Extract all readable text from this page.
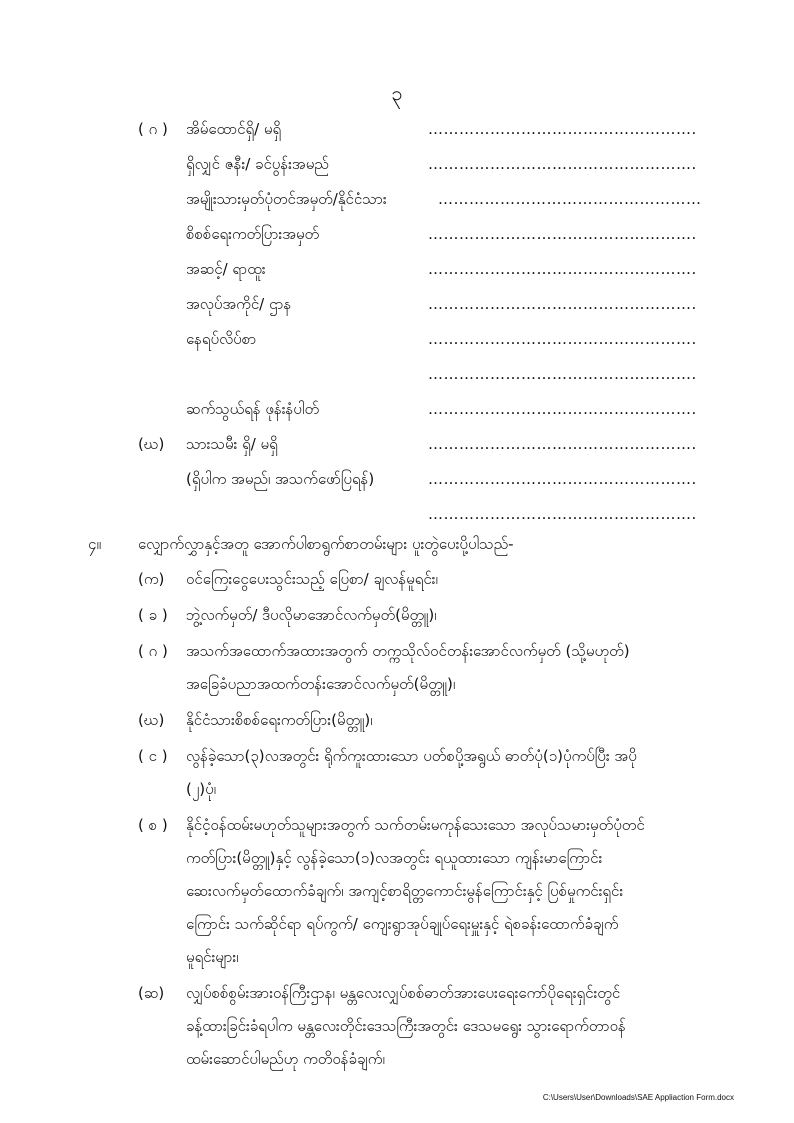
၃
( ဂ ) အိမ်ထောင်ရှိ/ မရှိ	…………………………………………….
ရှိလျှင် ဇနီး/ ခင်ပွန်းအမည်	…………………………………………….
အမျိုးသားမှတ်ပုံတင်အမှတ်/နိုင်ငံသား	……………………………………………
စိစစ်ရေးကတ်ပြားအမှတ်	…………………………………………….
အဆင့်/ ရာထူး	…………………………………………….
အလုပ်အကိုင်/ ဌာန	…………………………………………….
နေရပ်လိပ်စာ	…………………………………………….
…………………………………………….
ဆက်သွယ်ရန် ဖုန်းနံပါတ်	…………………………………………….
(ဃ) သားသမီး ရှိ/ မရှိ	…………………………………………….
(ရှိပါက အမည်၊ အသက်ဖော်ပြရန်)	…………………………………………….
…………………………………………….
၄။ လျှောက်လွှာနှင့်အတူ အောက်ပါစာရွက်စာတမ်းများ ပူးတွဲပေးပို့ပါသည်-
(က) ဝင်ကြေးငွေပေးသွင်းသည့် ပြေစာ/ ချလန်မူရင်း၊
( ခ ) ဘွဲ့လက်မှတ်/ ဒီပလိုမာအောင်လက်မှတ်(မိတ္တူ)၊
( ဂ ) အသက်အထောက်အထားအတွက် တက္ကသိုလ်ဝင်တန်းအောင်လက်မှတ် (သို့မဟုတ်)
အခြေခံပညာအထက်တန်းအောင်လက်မှတ်(မိတ္တူ)၊
(ဃ) နိုင်ငံသားစိစစ်ရေးကတ်ပြား(မိတ္တူ)၊
( င ) လွန်ခဲ့သော(၃)လအတွင်း ရိုက်ကူးထားသော ပတ်စပို့အရွယ် ဓာတ်ပုံ(၁)ပုံကပ်ပြီး အပို
(၂)ပုံ၊
( စ ) နိုင်ငံ့ဝန်ထမ်းမဟုတ်သူများအတွက် သက်တမ်းမကုန်သေးသော အလုပ်သမားမှတ်ပုံတင်
ကတ်ပြား(မိတ္တူ)နှင့် လွန်ခဲ့သော(၁)လအတွင်း ရယူထားသော ကျန်းမာကြောင်း
ဆေးလက်မှတ်ထောက်ခံချက်၊ အကျင့်စာရိတ္တကောင်းမွန်ကြောင်းနှင့် ပြစ်မှုကင်းရှင်း
ကြောင်း သက်ဆိုင်ရာ ရပ်ကွက်/ ကျေးရွာအုပ်ချုပ်ရေးမှူးနှင့် ရဲစခန်းထောက်ခံချက်
မူရင်းများ၊
(ဆ) လျှပ်စစ်စွမ်းအားဝန်ကြီးဌာန၊ မန္တလေးလျှပ်စစ်ဓာတ်အားပေးရေးကော်ပိုရေးရှင်းတွင်
ခန့်ထားခြင်းခံရပါက မန္တလေးတိုင်းဒေသကြီးအတွင်း ဒေသမရွေး သွားရောက်တာဝန်
ထမ်းဆောင်ပါမည်ဟု ကတိဝန်ခံချက်၊
C:\Users\User\Downloads\SAE Appliaction Form.docx
